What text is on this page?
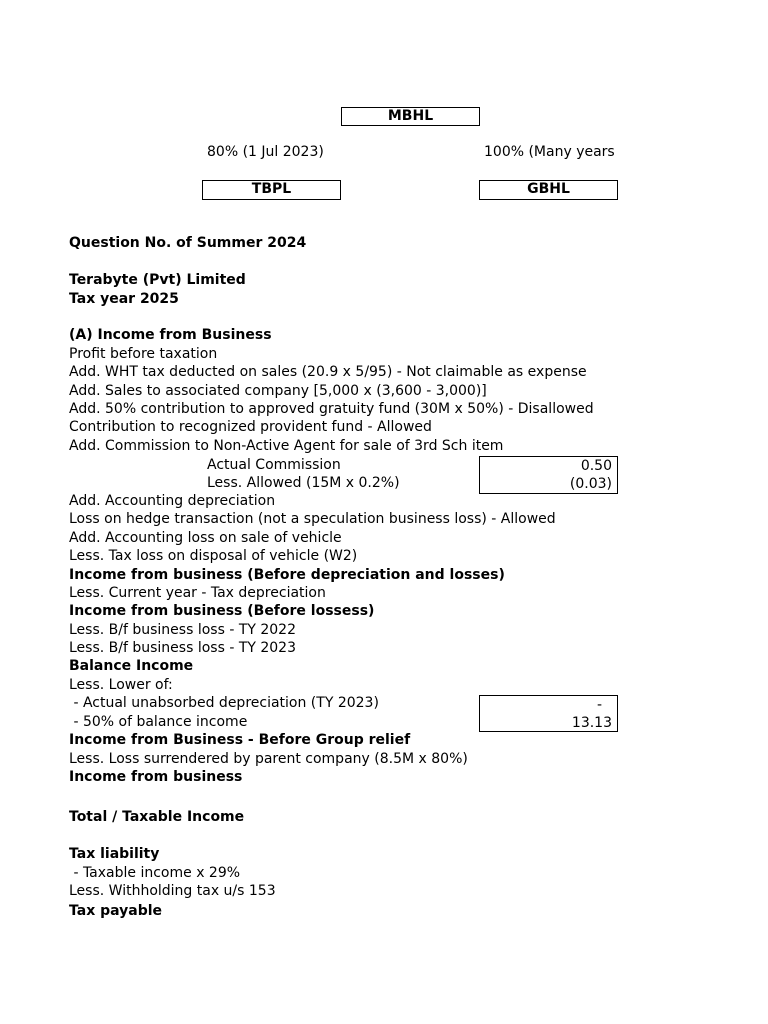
MBHL
80% (1 Jul 2023)	100% (Many years
TBPL	GBHL
Question No. of Summer 2024
Terabyte (Pvt) Limited
Tax year 2025
(A) Income from Business
Profit before taxation
Add. WHT tax deducted on sales (20.9 x 5/95) - Not claimable as expense
Add. Sales to associated company [5,000 x (3,600 - 3,000)]
Add. 50% contribution to approved gratuity fund (30M x 50%) - Disallowed
Contribution to recognized provident fund - Allowed
Add. Commission to Non-Active Agent for sale of 3rd Sch item
Actual Commission
Less. Allowed (15M x 0.2%)
0.50
(0.03)
Add. Accounting depreciation
Loss on hedge transaction (not a speculation business loss) - Allowed
Add. Accounting loss on sale of vehicle
Less. Tax loss on disposal of vehicle (W2)
Income from business (Before depreciation and losses)
Less. Current year - Tax depreciation
Income from business (Before lossess)
Less. B/f business loss - TY 2022
Less. B/f business loss - TY 2023
Balance Income
Less. Lower of:
- Actual unabsorbed depreciation (TY 2023)
- 50% of balance income
-
13.13
Income from Business - Before Group relief
Less. Loss surrendered by parent company (8.5M x 80%)
Income from business
Total / Taxable Income
Tax liability
- Taxable income x 29%
Less. Withholding tax u/s 153
Tax payable
